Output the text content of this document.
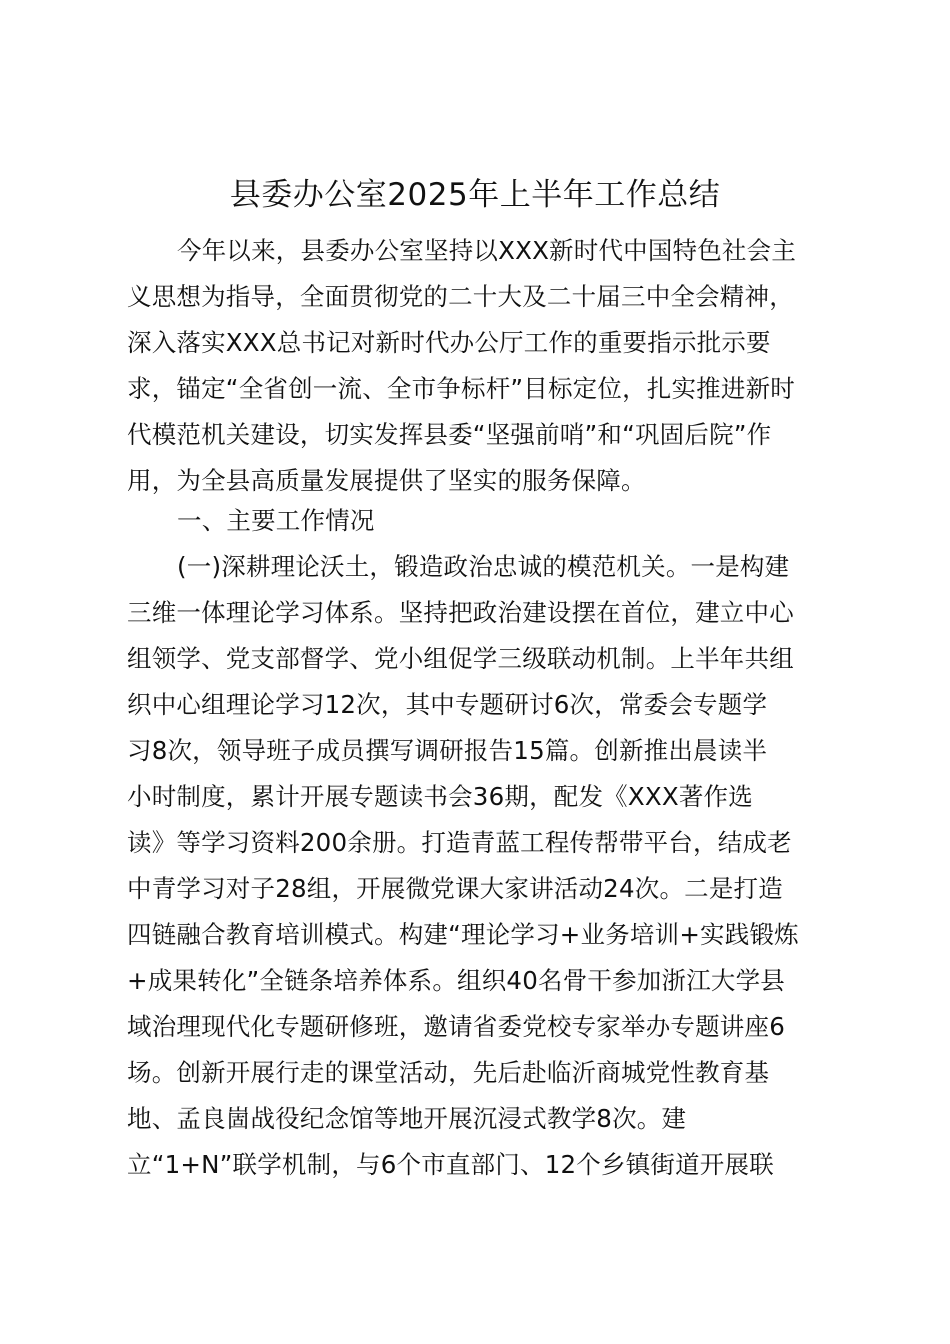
县委办公室2025年上半年工作总结
今年以来，县委办公室坚持以XXX新时代中国特色社会主
义思想为指导，全面贯彻党的二十大及二十届三中全会精神，
深入落实XXX总书记对新时代办公厅工作的重要指示批示要
求，锚定“全省创一流、全市争标杆”目标定位，扎实推进新时
代模范机关建设，切实发挥县委“坚强前哨”和“巩固后院”作
用，为全县高质量发展提供了坚实的服务保障。
一、主要工作情况
(一)深耕理论沃土，锻造政治忠诚的模范机关。一是构建
三维一体理论学习体系。坚持把政治建设摆在首位，建立中心
组领学、党支部督学、党小组促学三级联动机制。上半年共组
织中心组理论学习12次，其中专题研讨6次，常委会专题学
习8次，领导班子成员撰写调研报告15篇。创新推出晨读半
小时制度，累计开展专题读书会36期，配发《XXX著作选
读》等学习资料200余册。打造青蓝工程传帮带平台，结成老
中青学习对子28组，开展微党课大家讲活动24次。二是打造
四链融合教育培训模式。构建“理论学习+业务培训+实践锻炼
+成果转化”全链条培养体系。组织40名骨干参加浙江大学县
域治理现代化专题研修班，邀请省委党校专家举办专题讲座6
场。创新开展行走的课堂活动，先后赴临沂商城党性教育基
地、孟良崮战役纪念馆等地开展沉浸式教学8次。建
立“1+N”联学机制，与6个市直部门、12个乡镇街道开展联
